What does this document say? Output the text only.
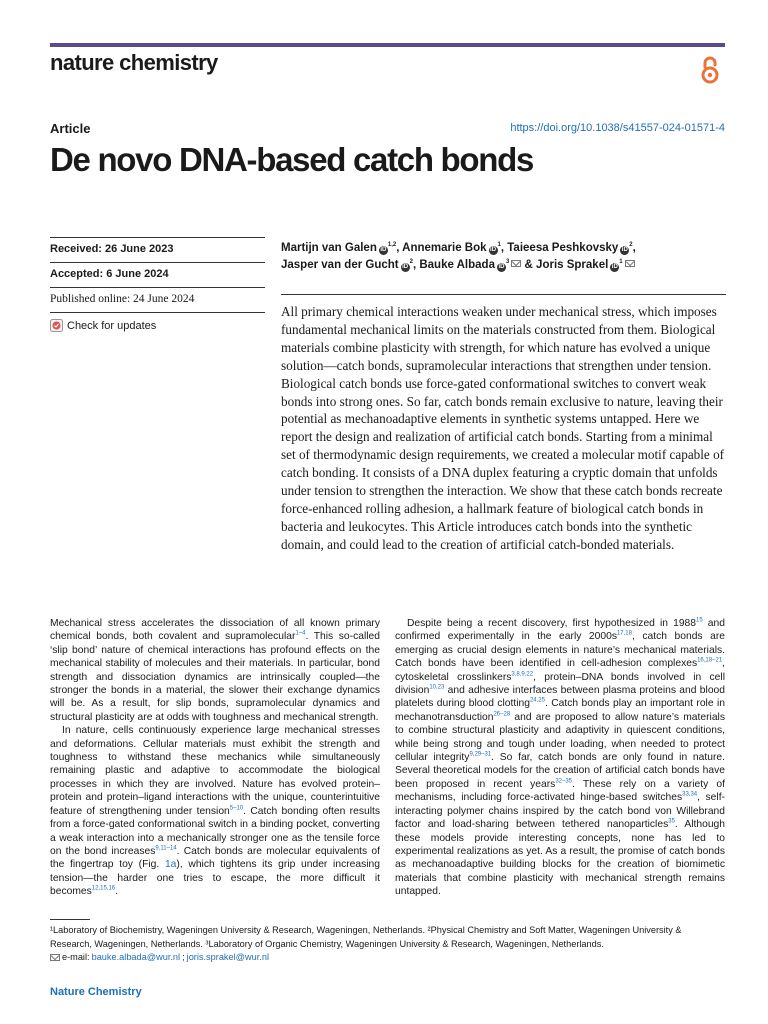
nature chemistry
Article	https://doi.org/10.1038/s41557-024-01571-4
De novo DNA-based catch bonds
Received: 26 June 2023
Accepted: 6 June 2024
Published online: 24 June 2024
Check for updates
Martijn van Galen iD$^{1,2}$, Annemarie Bok $iD^1$, Taieesa Peshkovsky $iD^2$,
Jasper van der Gucht $iD^2$, Bauke Albada $iD^3$ & Joris Sprakel $iD^1$

All primary chemical interactions weaken under mechanical stress, which imposes fundamental mechanical limits on the materials constructed from them. Biological materials combine plasticity with strength, for which nature has evolved a unique solution—catch bonds, supramolecular interactions that strengthen under tension. Biological catch bonds use force-gated conformational switches to convert weak bonds into strong ones. So far, catch bonds remain exclusive to nature, leaving their potential as mechanoadaptive elements in synthetic systems untapped. Here we report the design and realization of artificial catch bonds. Starting from a minimal set of thermodynamic design requirements, we created a molecular motif capable of catch bonding. It consists of a DNA duplex featuring a cryptic domain that unfolds under tension to strengthen the interaction. We show that these catch bonds recreate force-enhanced rolling adhesion, a hallmark feature of biological catch bonds in bacteria and leukocytes. This Article introduces catch bonds into the synthetic domain, and could lead to the creation of artificial catch-bonded materials.

Mechanical stress accelerates the dissociation of all known primary chemical bonds, both covalent and supramolecular$^{1-4}$. This so-called ‘slip bond’ nature of chemical interactions has profound effects on the mechanical stability of molecules and their materials. In particular, bond strength and dissociation dynamics are intrinsically coupled—the stronger the bonds in a material, the slower their exchange dynamics will be. As a result, for slip bonds, supramolecular dynamics and structural plasticity are at odds with toughness and mechanical strength.

In nature, cells continuously experience large mechanical stresses and deformations. Cellular materials must exhibit the strength and toughness to withstand these mechanics while simultaneously remaining plastic and adaptive to accommodate the biological processes in which they are involved. Nature has evolved protein–protein and protein–ligand interactions with the unique, counterintuitive feature of strengthening under tension$^{5-10}$. Catch bonding often results from a force-gated conformational switch in a binding pocket, converting a weak interaction into a mechanically stronger one as the tensile force on the bond increases$^{9,11-14}$. Catch bonds are molecular equivalents of the fingertrap toy (Fig. 1a), which tightens its grip under increasing tension—the harder one tries to escape, the more difficult it becomes$^{12,15,16}$.

Despite being a recent discovery, first hypothesized in 1988$^{15}$ and confirmed experimentally in the early $2000s^{17,18}$, catch bonds are emerging as crucial design elements in nature’s mechanical materials. Catch bonds have been identified in cell-adhesion complexes$^{16,18-21}$, cytoskeletal crosslinkers$^{3,8,9,22}$, protein–DNA bonds involved in cell division$^{10,23}$ and adhesive interfaces between plasma proteins and blood platelets during blood clotting$^{24,25}$. Catch bonds play an important role in mechanotransduction$^{26-28}$ and are proposed to allow nature’s materials to combine structural plasticity and adaptivity in quiescent conditions, while being strong and tough under loading, when needed to protect cellular integrity$^{9,29-31}$. So far, catch bonds are only found in nature. Several theoretical models for the creation of artificial catch bonds have been proposed in recent years$^{32-35}$. These rely on a variety of mechanisms, including force-activated hinge-based switches$^{33,34}$, self-interacting polymer chains inspired by the catch bond von Willebrand factor and load-sharing between tethered nanoparticles$^{35}$. Although these models provide interesting concepts, none has led to experimental realizations as yet. As a result, the promise of catch bonds as mechanoadaptive building blocks for the creation of biomimetic materials that combine plasticity with mechanical strength remains untapped.

¹Laboratory of Biochemistry, Wageningen University & Research, Wageningen, Netherlands. ²Physical Chemistry and Soft Matter, Wageningen University & Research, Wageningen, Netherlands. ³Laboratory of Organic Chemistry, Wageningen University & Research, Wageningen, Netherlands.
e-mail: bauke.albada@wur.nl ; joris.sprakel@wur.nl
Nature Chemistry
